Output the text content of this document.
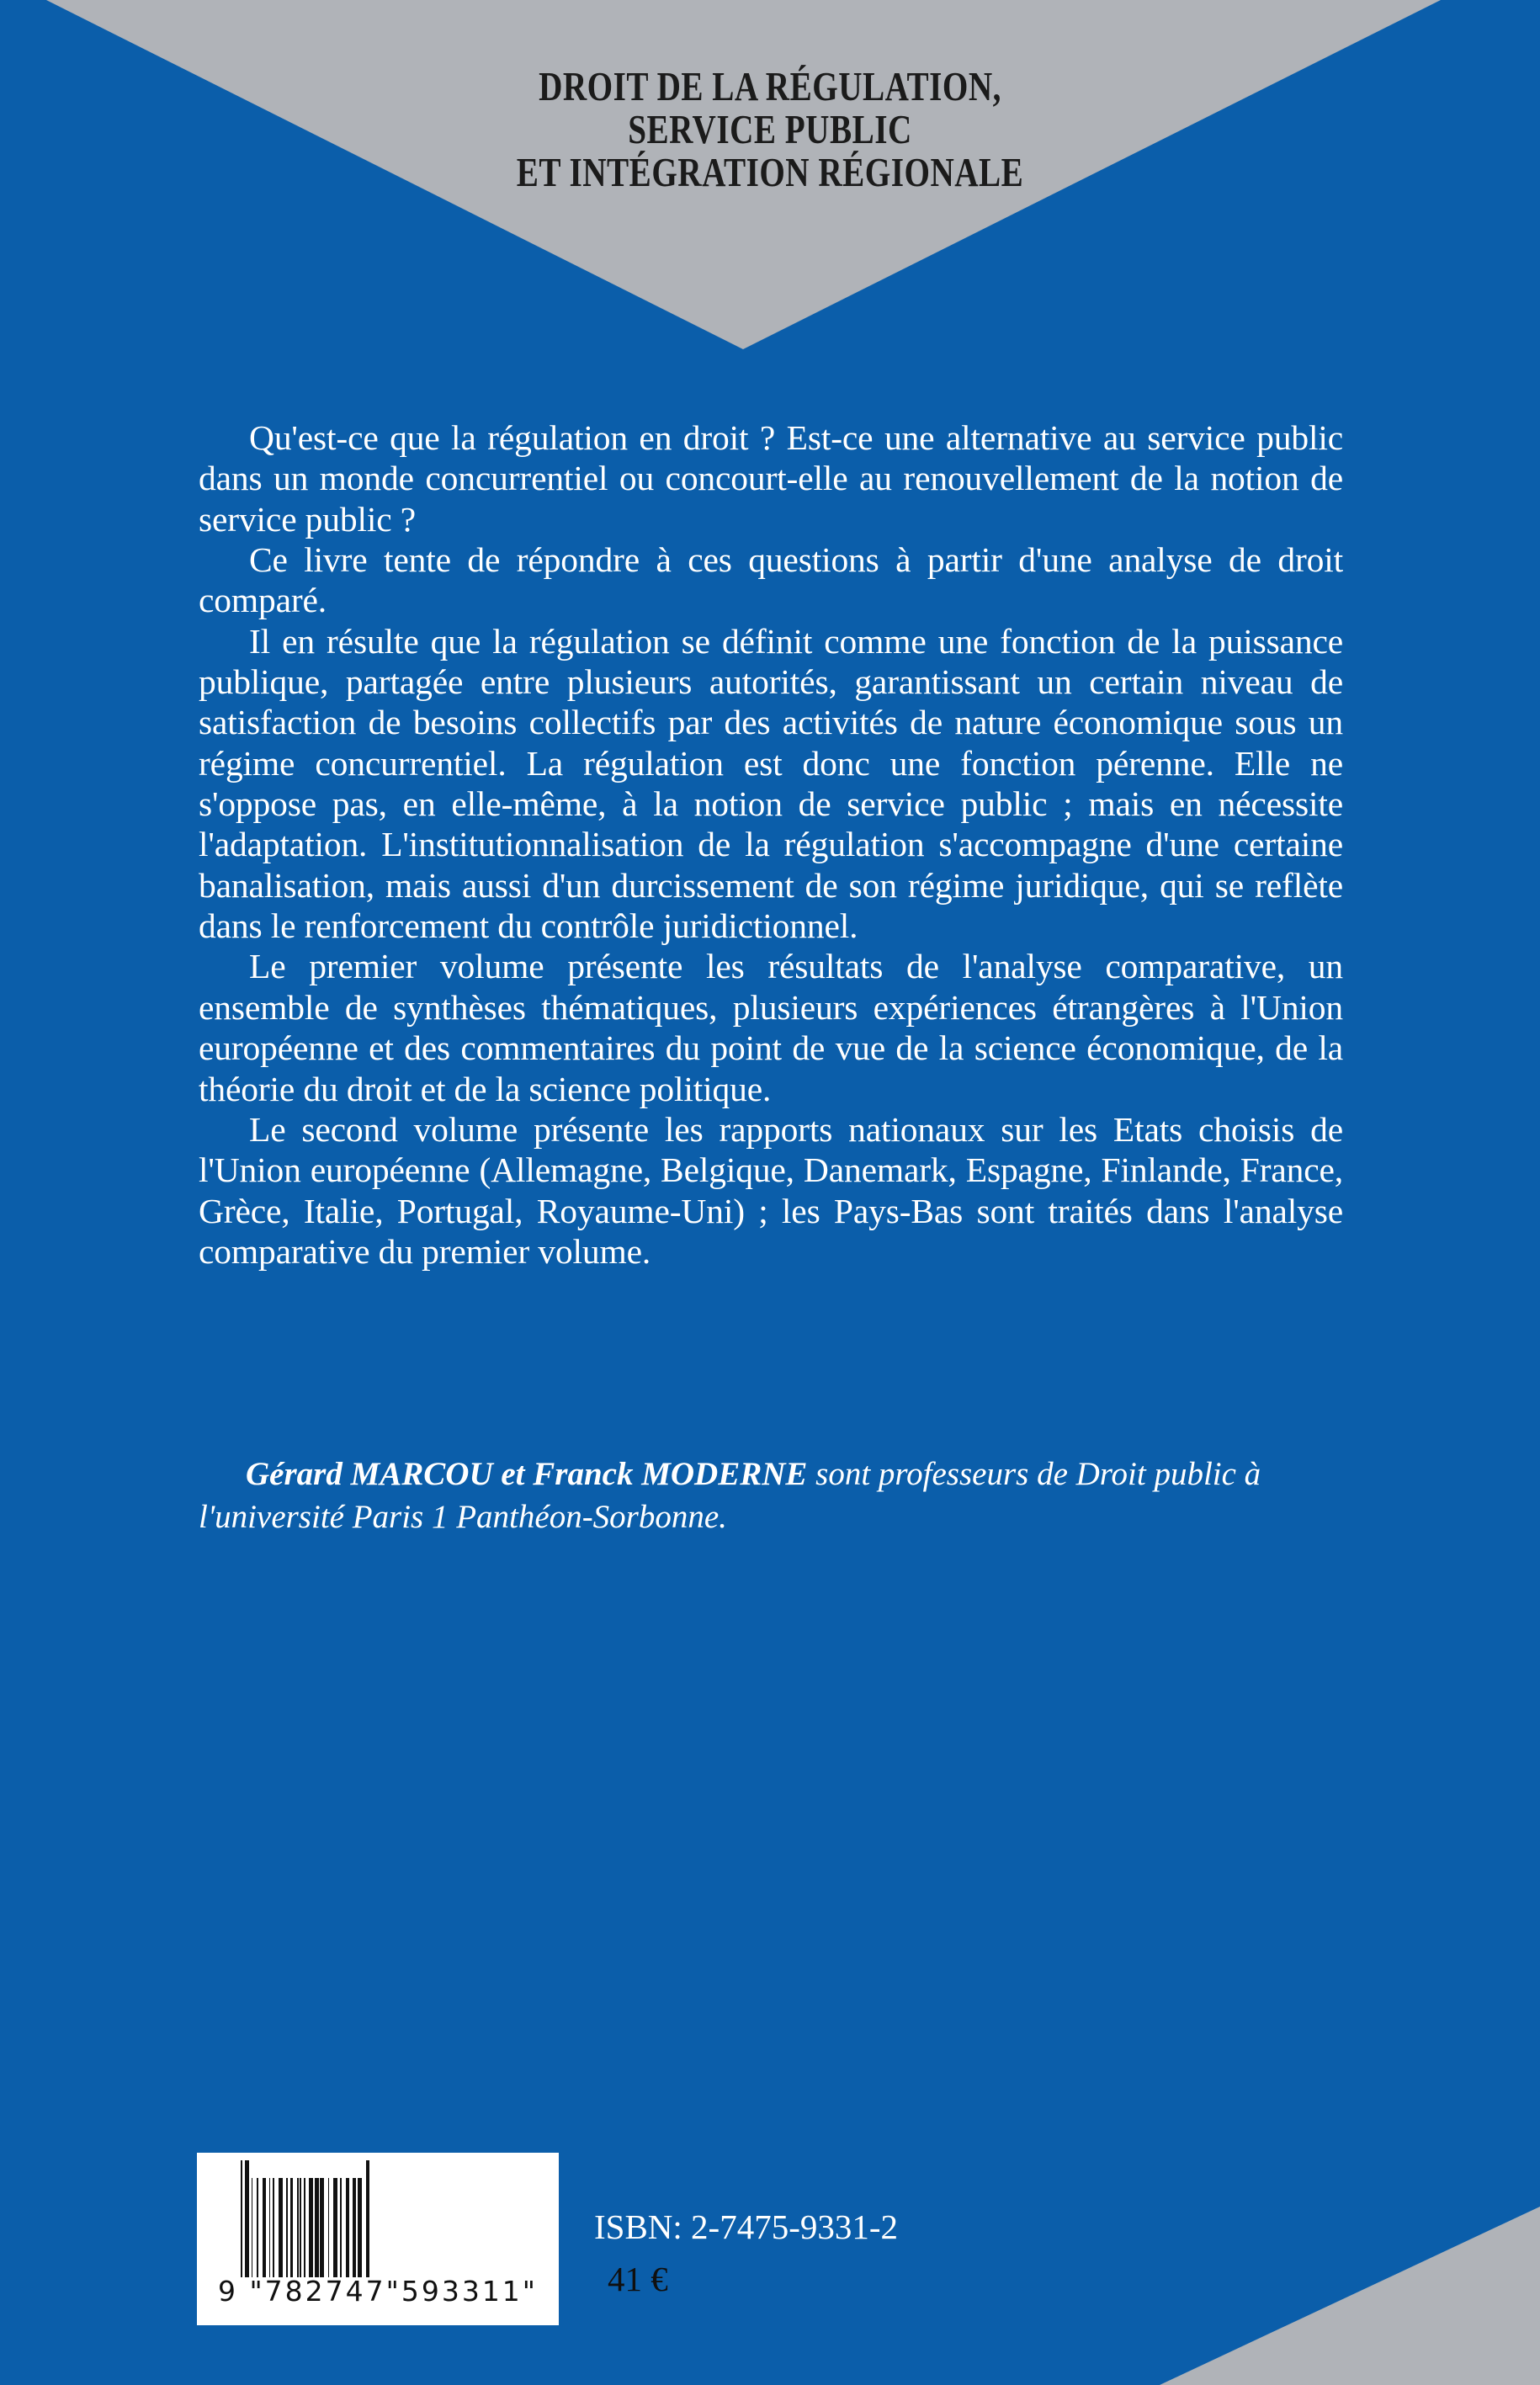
DROIT DE LA RÉGULATION,
SERVICE PUBLIC
ET INTÉGRATION RÉGIONALE

Qu'est-ce que la régulation en droit ? Est-ce une alternative au service public dans un monde concurrentiel ou concourt-elle au renouvellement de la notion de service public ?

Ce livre tente de répondre à ces questions à partir d'une analyse de droit comparé.

Il en résulte que la régulation se définit comme une fonction de la puissance publique, partagée entre plusieurs autorités, garantissant un certain niveau de satisfaction de besoins collectifs par des activités de nature économique sous un régime concurrentiel. La régulation est donc une fonction pérenne. Elle ne s'oppose pas, en elle-même, à la notion de service public ; mais en nécessite l'adaptation. L'institutionnalisation de la régulation s'accompagne d'une certaine banalisation, mais aussi d'un durcissement de son régime juridique, qui se reflète dans le renforcement du contrôle juridictionnel.

Le premier volume présente les résultats de l'analyse comparative, un ensemble de synthèses thématiques, plusieurs expériences étrangères à l'Union européenne et des commentaires du point de vue de la science économique, de la théorie du droit et de la science politique.

Le second volume présente les rapports nationaux sur les Etats choisis de l'Union européenne (Allemagne, Belgique, Danemark, Espagne, Finlande, France, Grèce, Italie, Portugal, Royaume-Uni) ; les Pays-Bas sont traités dans l'analyse comparative du premier volume.

Gérard MARCOU et Franck MODERNE sont professeurs de Droit public à l'université Paris 1 Panthéon-Sorbonne.
9 "782747"593311"
ISBN: 2-7475-9331-2
41 €
